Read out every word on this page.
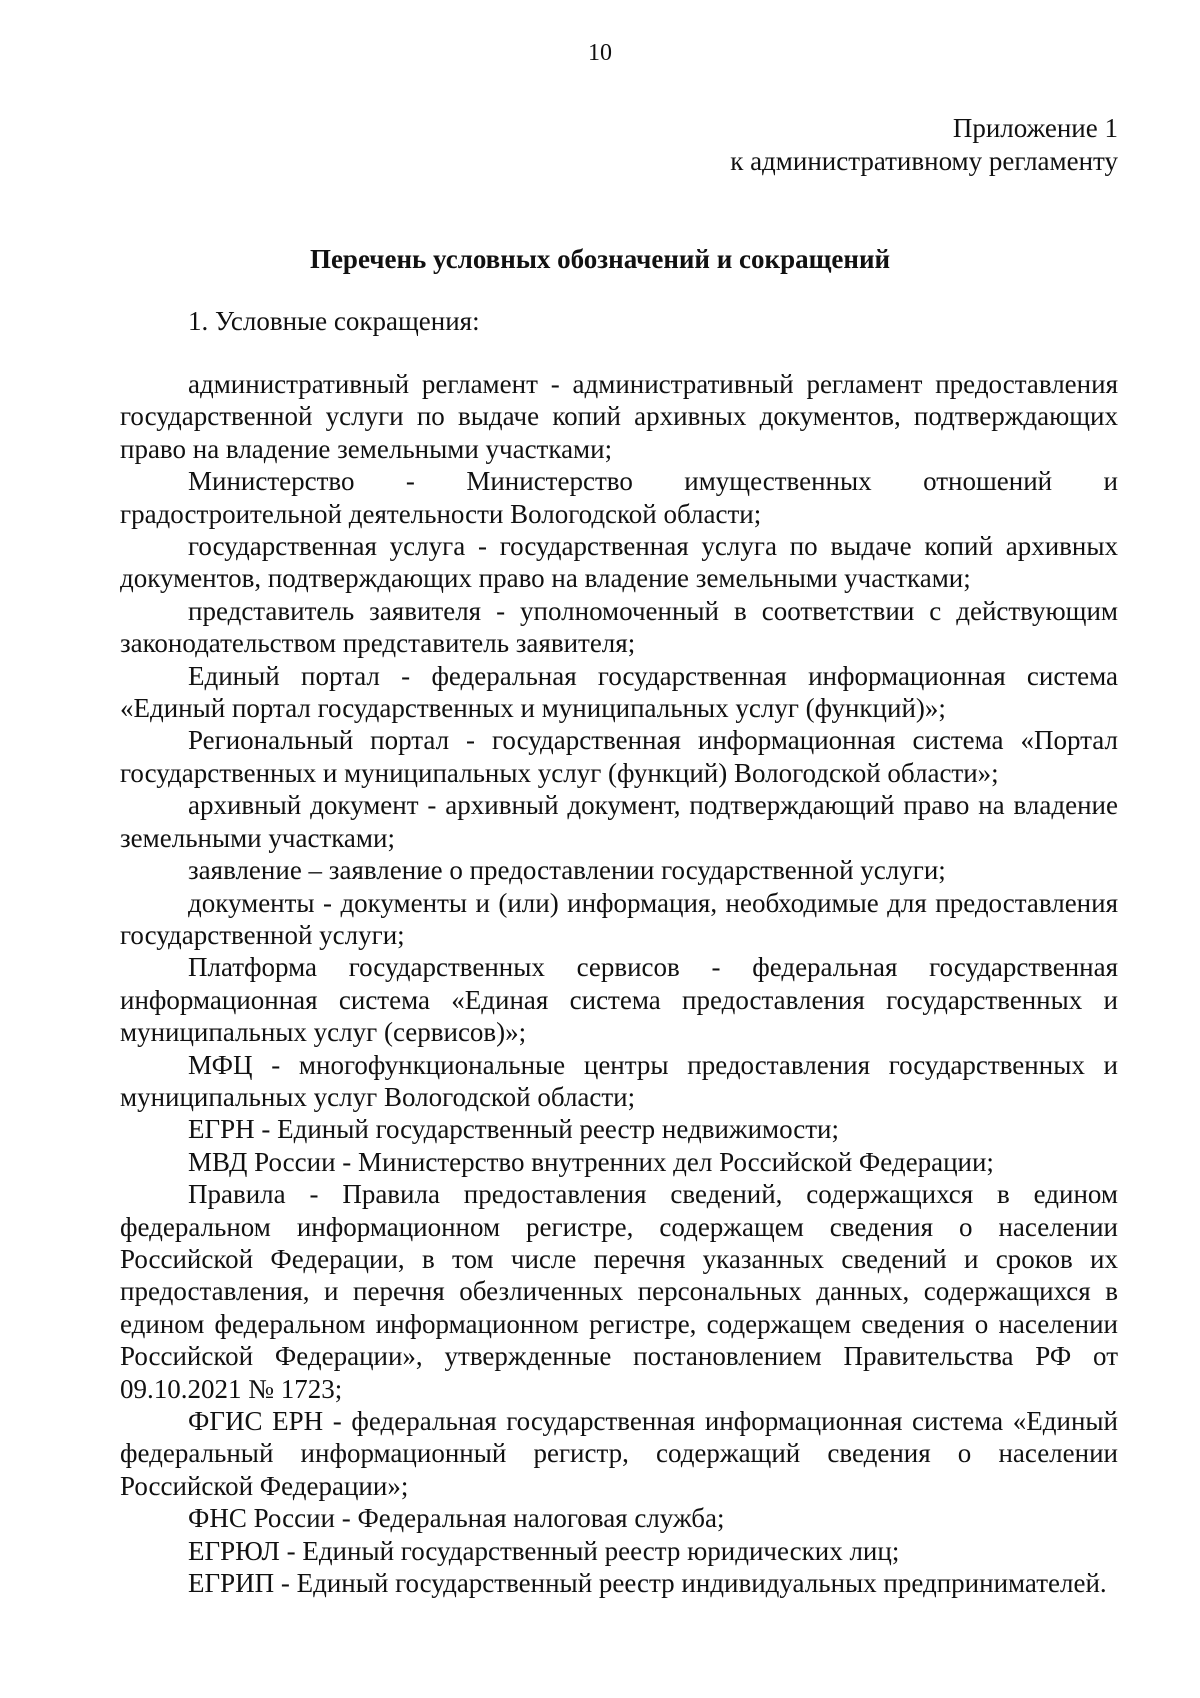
10
Приложение 1
к административному регламенту
Перечень условных обозначений и сокращений
1. Условные сокращения:

административный регламент - административный регламент предоставления государственной услуги по выдаче копий архивных документов, подтверждающих право на владение земельными участками;

Министерство - Министерство имущественных отношений и градостроительной деятельности Вологодской области;

государственная услуга - государственная услуга по выдаче копий архивных документов, подтверждающих право на владение земельными участками;

представитель заявителя - уполномоченный в соответствии с действующим законодательством представитель заявителя;

Единый портал - федеральная государственная информационная система «Единый портал государственных и муниципальных услуг (функций)»;

Региональный портал - государственная информационная система «Портал государственных и муниципальных услуг (функций) Вологодской области»;

архивный документ - архивный документ, подтверждающий право на владение земельными участками;

заявление – заявление о предоставлении государственной услуги;

документы - документы и (или) информация, необходимые для предоставления государственной услуги;

Платформа государственных сервисов - федеральная государственная информационная система «Единая система предоставления государственных и муниципальных услуг (сервисов)»;

МФЦ - многофункциональные центры предоставления государственных и муниципальных услуг Вологодской области;

ЕГРН - Единый государственный реестр недвижимости;

МВД России - Министерство внутренних дел Российской Федерации;

Правила - Правила предоставления сведений, содержащихся в едином федеральном информационном регистре, содержащем сведения о населении Российской Федерации, в том числе перечня указанных сведений и сроков их предоставления, и перечня обезличенных персональных данных, содержащихся в едином федеральном информационном регистре, содержащем сведения о населении Российской Федерации», утвержденные постановлением Правительства РФ от 09.10.2021 № 1723;

ФГИС ЕРН - федеральная государственная информационная система «Единый федеральный информационный регистр, содержащий сведения о населении Российской Федерации»;

ФНС России - Федеральная налоговая служба;

ЕГРЮЛ - Единый государственный реестр юридических лиц;

ЕГРИП - Единый государственный реестр индивидуальных предпринимателей.
